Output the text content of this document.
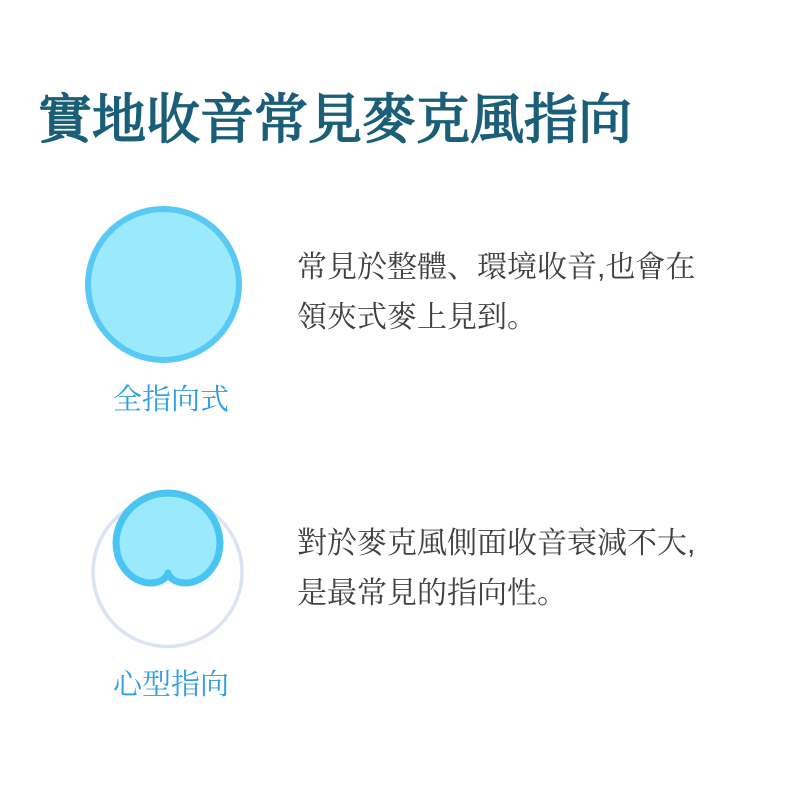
實地收音常見麥克風指向
全指向式
常見於整體、環境收音,也會在
領夾式麥上見到。
心型指向
對於麥克風側面收音衰減不大,
是最常見的指向性。
